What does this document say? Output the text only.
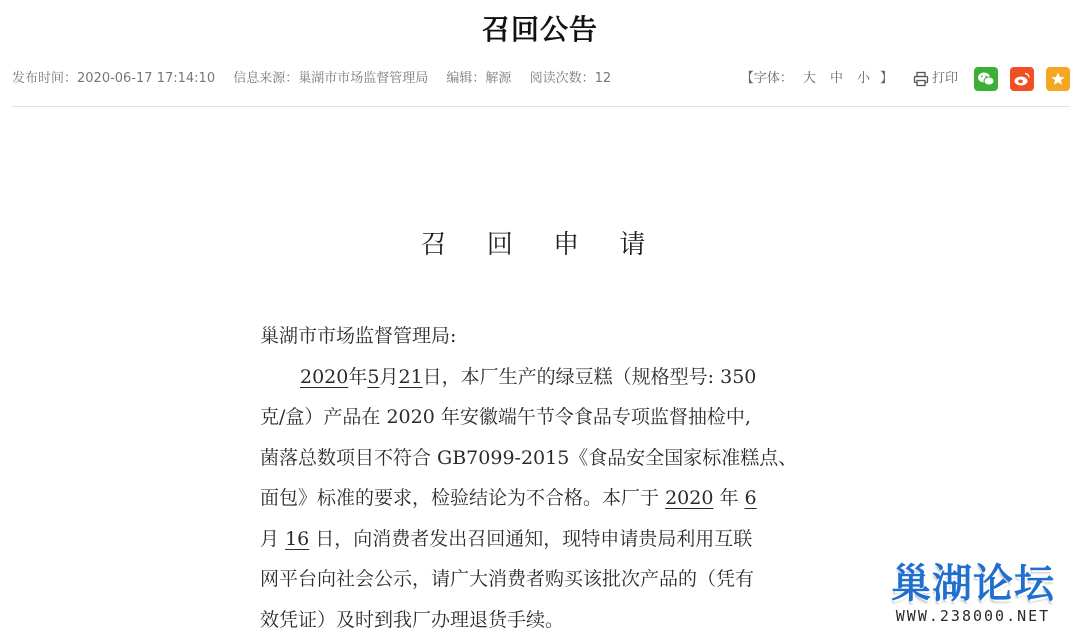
召回公告
发布时间：2020-06-17 17:14:10 信息来源：巢湖市市场监督管理局 编辑：解源 阅读次数：12	【字体： 大	中	小 】	打印
召 回 申 请

巢湖市市场监督管理局:

2020年5月21日，本厂生产的绿豆糕（规格型号: 350

克/盒）产品在 2020 年安徽端午节令食品专项监督抽检中,

菌落总数项目不符合 GB7099-2015《食品安全国家标准糕点、

面包》标准的要求，检验结论为不合格。本厂于 2020 年 6

月 16 日，向消费者发出召回通知，现特申请贵局利用互联

网平台向社会公示，请广大消费者购买该批次产品的（凭有

效凭证）及时到我厂办理退货手续。

巢湖论坛
WWW.238000.NET
